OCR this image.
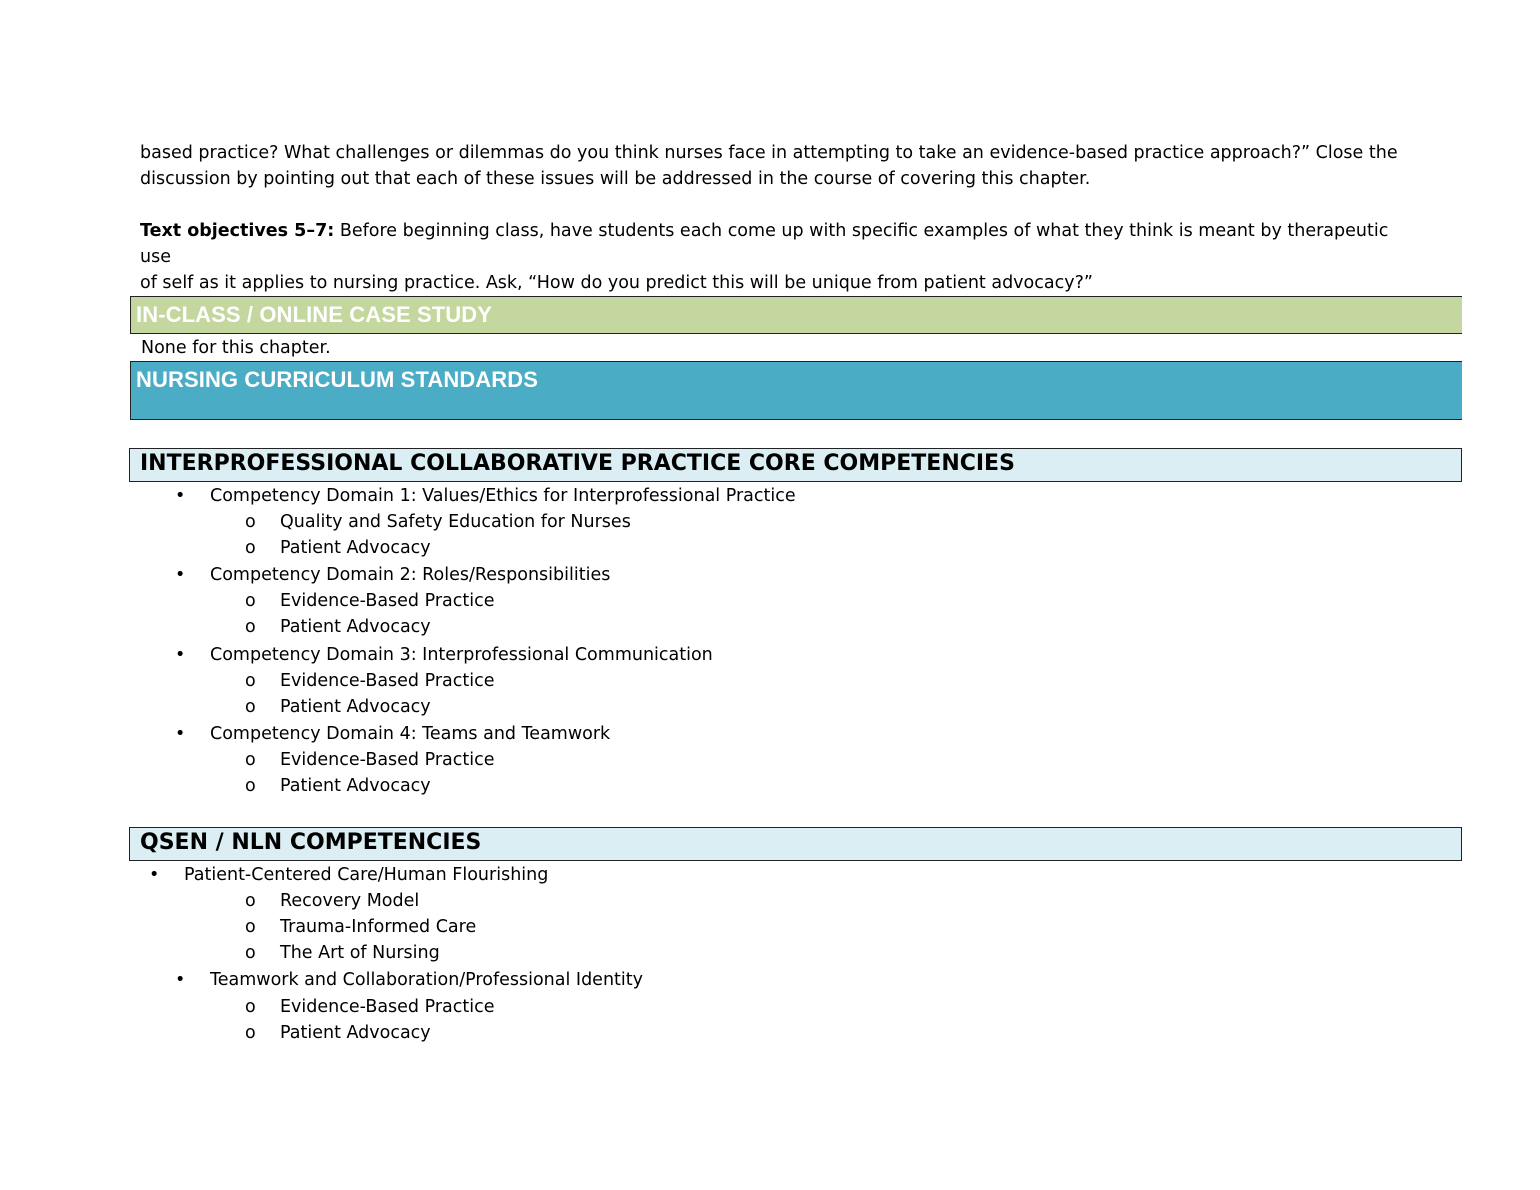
based practice? What challenges or dilemmas do you think nurses face in attempting to take an evidence-based practice approach?” Close the
discussion by pointing out that each of these issues will be addressed in the course of covering this chapter.

Text objectives 5–7: Before beginning class, have students each come up with specific examples of what they think is meant by therapeutic use
of self as it applies to nursing practice. Ask, “How do you predict this will be unique from patient advocacy?”

IN-CLASS / ONLINE CASE STUDY
None for this chapter.
NURSING CURRICULUM STANDARDS
INTERPROFESSIONAL COLLABORATIVE PRACTICE CORE COMPETENCIES
• Competency Domain 1: Values/Ethics for Interprofessional Practice
o Quality and Safety Education for Nurses
o Patient Advocacy
• Competency Domain 2: Roles/Responsibilities
o Evidence-Based Practice
o Patient Advocacy
• Competency Domain 3: Interprofessional Communication
o Evidence-Based Practice
o Patient Advocacy
• Competency Domain 4: Teams and Teamwork
o Evidence-Based Practice
o Patient Advocacy
QSEN / NLN COMPETENCIES
• Patient-Centered Care/Human Flourishing
o Recovery Model
o Trauma-Informed Care
o The Art of Nursing
• Teamwork and Collaboration/Professional Identity
o Evidence-Based Practice
o Patient Advocacy
